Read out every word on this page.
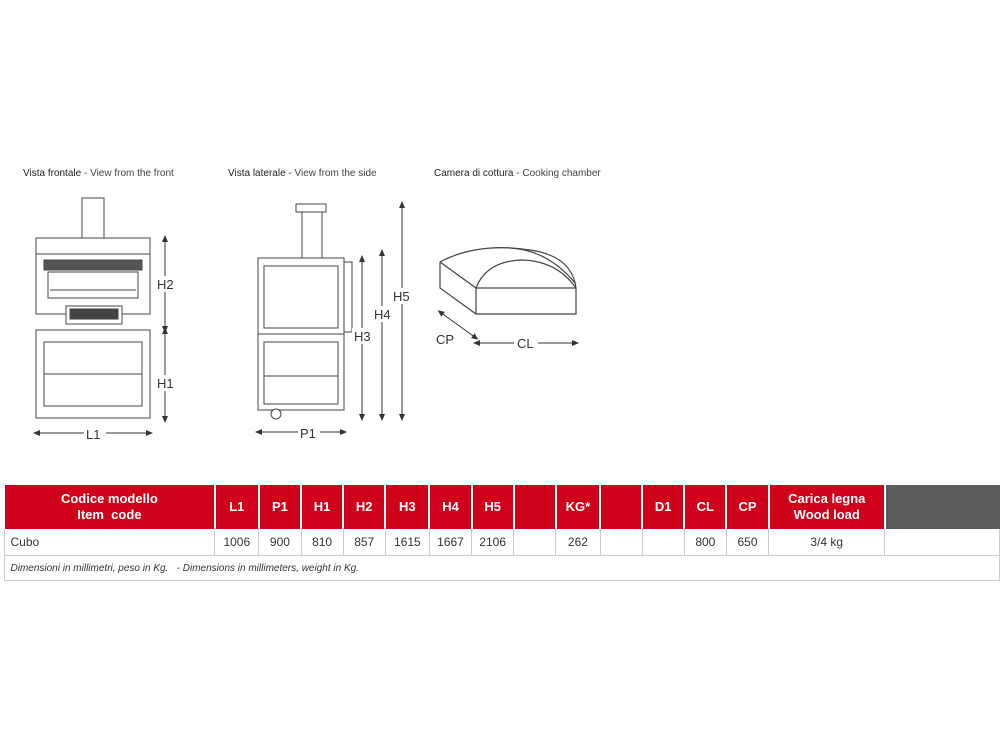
Vista frontale - View from the front	Vista laterale - View from the side	Camera di cottura - Cooking chamber
H2
H1
L1	P1
H3
H4
H5
CP	CL
Codice modello
Item  code	L1	P1	H1	H2	H3	H4	H5		KG*		D1	CL	CP	Carica legna
Wood load	

Cubo	1006	900	810	857	1615	1667	2106		262			800	650	3/4 kg	
Dimensioni in millimetri, peso in Kg.   - Dimensions in millimeters, weight in Kg.															
